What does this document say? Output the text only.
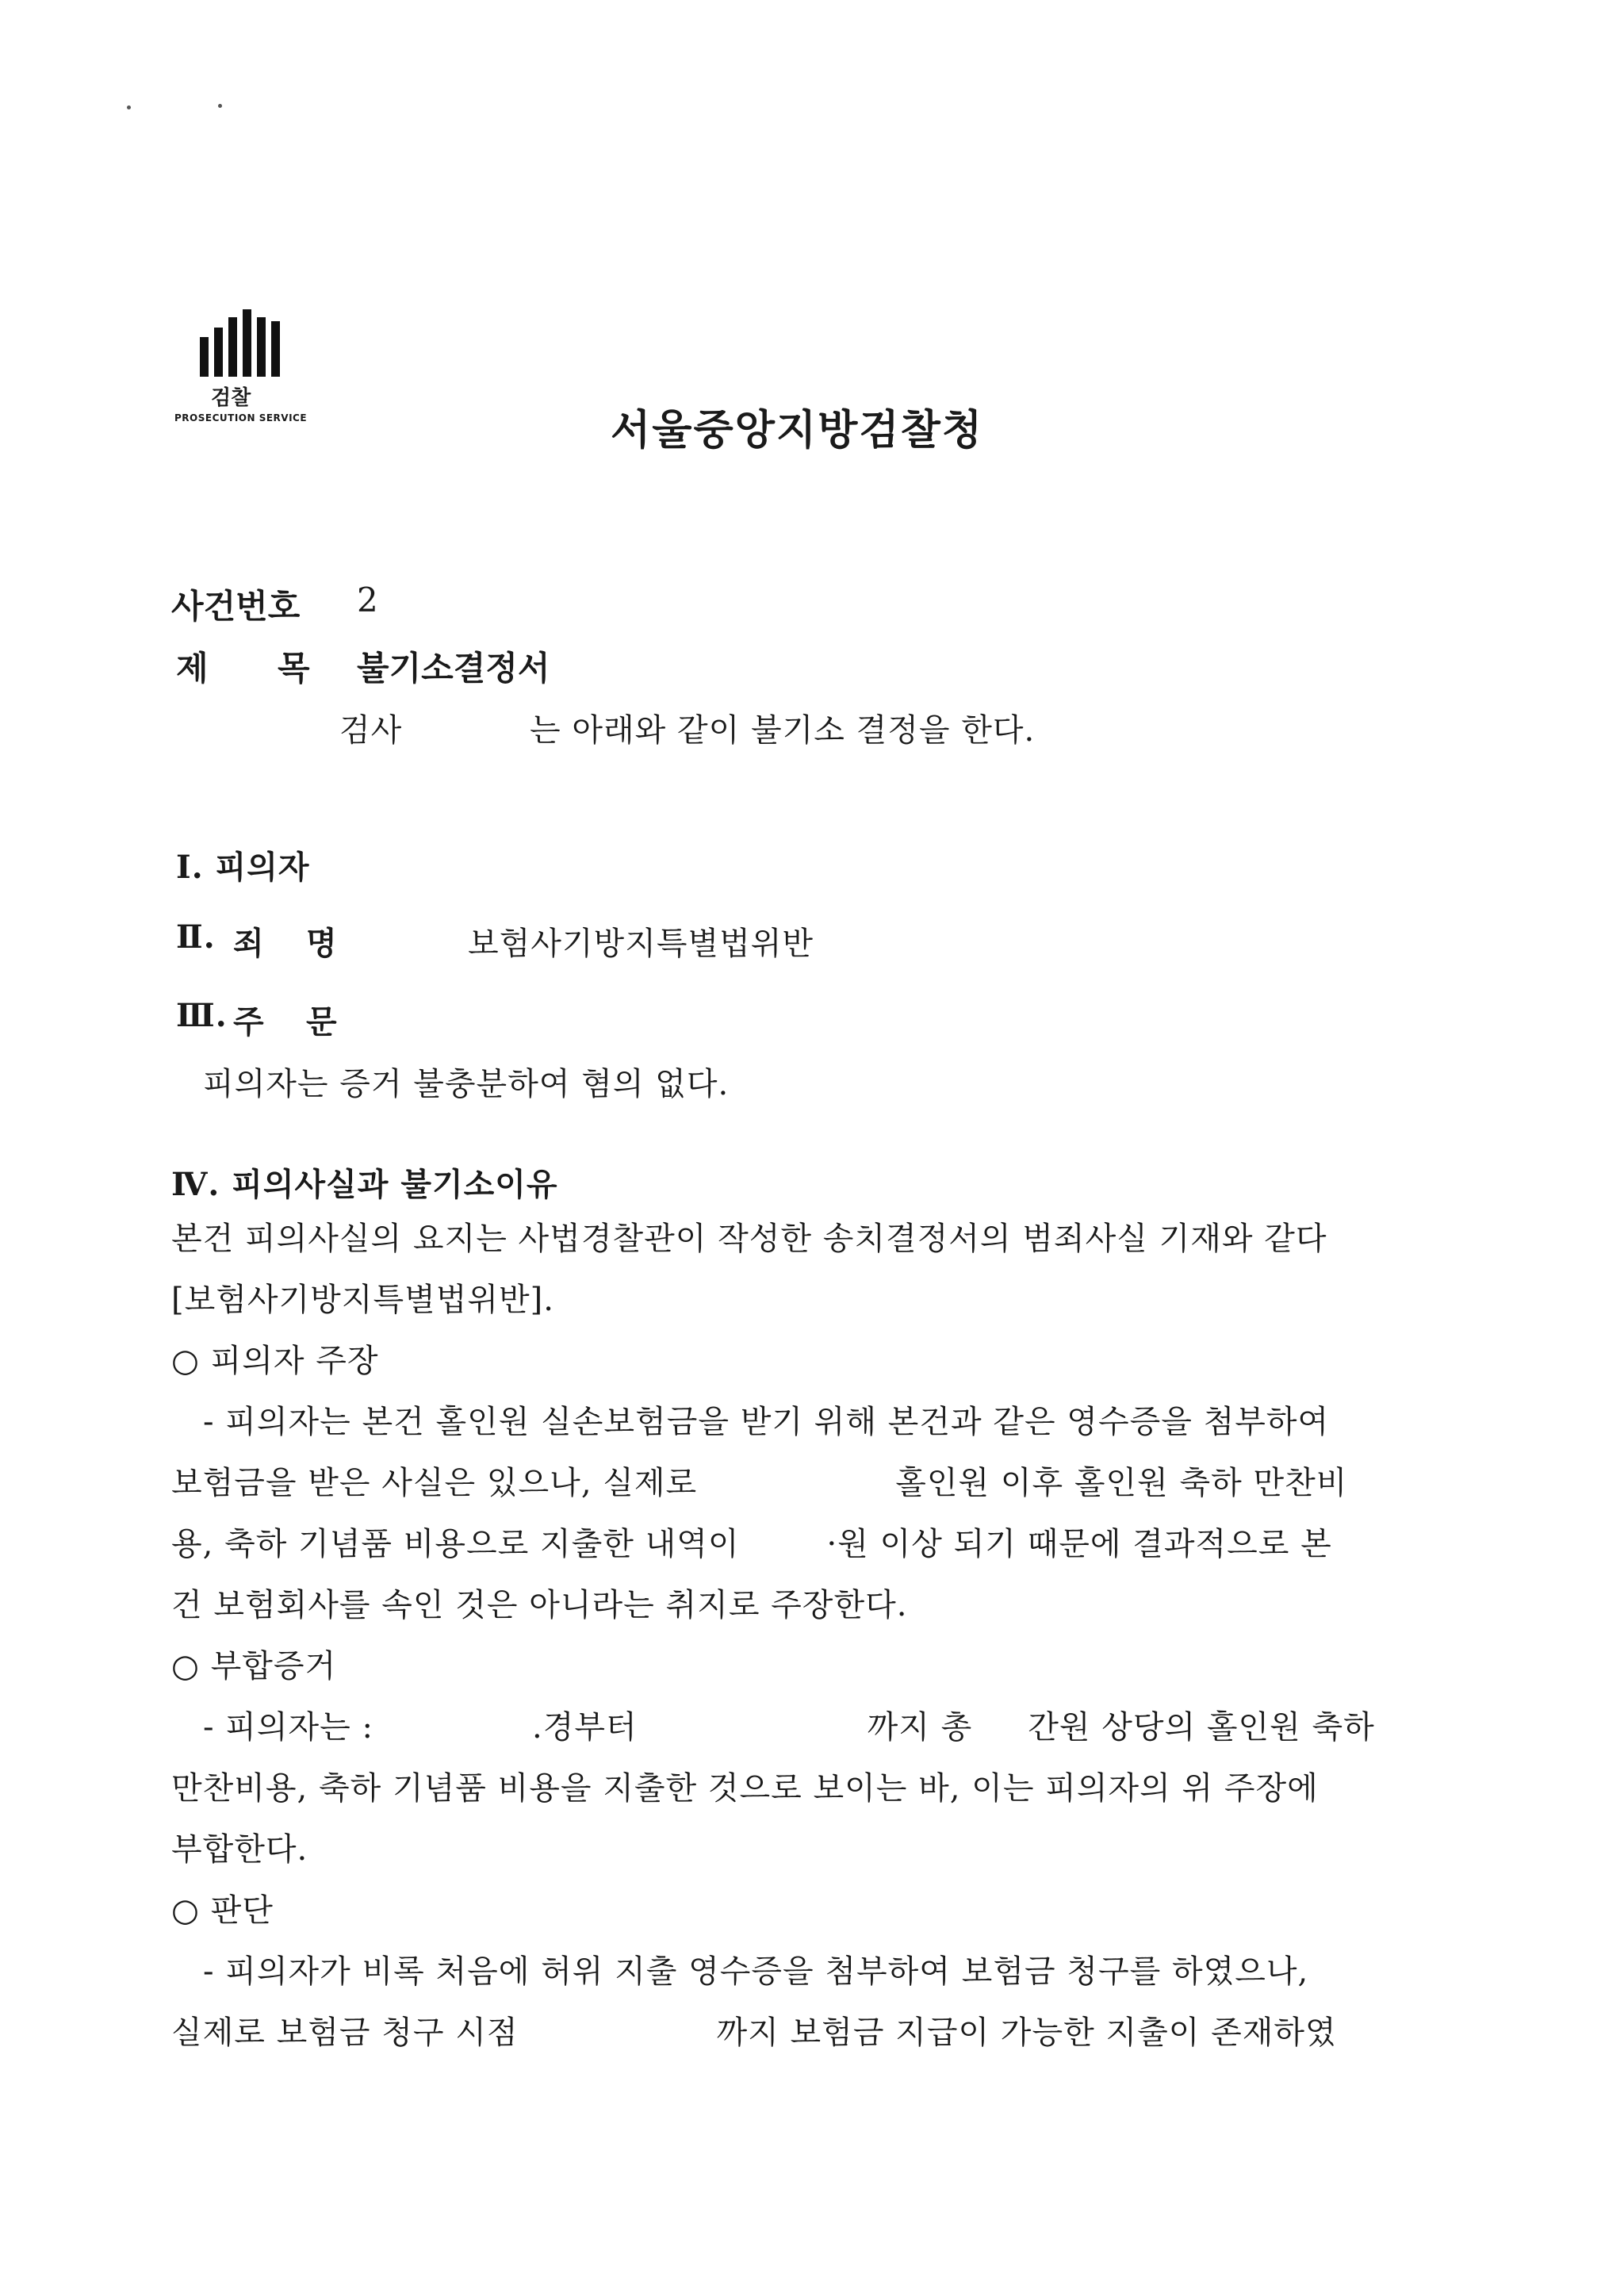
검찰
PROSECUTION SERVICE	서울중앙지방검찰청
사건번호 2
제 목 불기소결정서
검사	는 아래와 같이 불기소 결정을 한다.
Ⅰ. 피의자
Ⅱ. 죄 명	보험사기방지특별법위반
Ⅲ. 주 문
피의자는 증거 불충분하여 혐의 없다.
Ⅳ. 피의사실과 불기소이유
본건 피의사실의 요지는 사법경찰관이 작성한 송치결정서의 범죄사실 기재와 같다
[보험사기방지특별법위반].
○ 피의자 주장
- 피의자는 본건 홀인원 실손보험금을 받기 위해 본건과 같은 영수증을 첨부하여
보험금을 받은 사실은 있으나, 실제로	홀인원 이후 홀인원 축하 만찬비
용, 축하 기념품 비용으로 지출한 내역이	·원 이상 되기 때문에 결과적으로 본
건 보험회사를 속인 것은 아니라는 취지로 주장한다.
○ 부합증거
- 피의자는 :	.경부터	까지 총 간원 상당의 홀인원 축하
만찬비용, 축하 기념품 비용을 지출한 것으로 보이는 바, 이는 피의자의 위 주장에
부합한다.
○ 판단
- 피의자가 비록 처음에 허위 지출 영수증을 첨부하여 보험금 청구를 하였으나,
실제로 보험금 청구 시점	까지 보험금 지급이 가능한 지출이 존재하였
